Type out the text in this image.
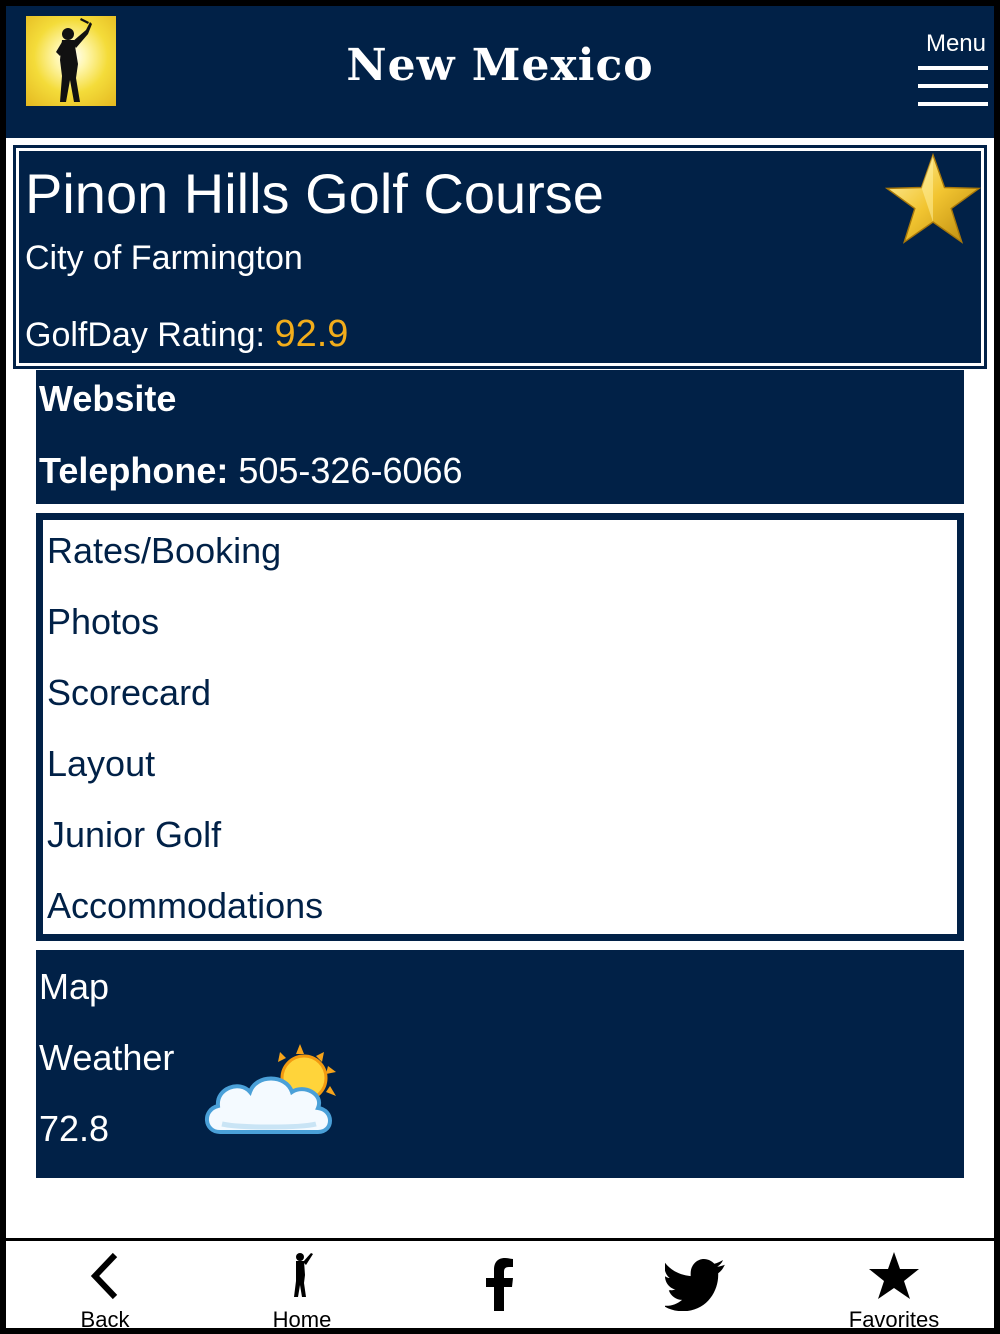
New Mexico	Menu
Pinon Hills Golf Course
City of Farmington
GolfDay Rating: 92.9
Website
Telephone: 505-326-6066
Rates/Booking
Photos
Scorecard
Layout
Junior Golf
Accommodations
Map
Weather
72.8
Back	Home	Favorites
